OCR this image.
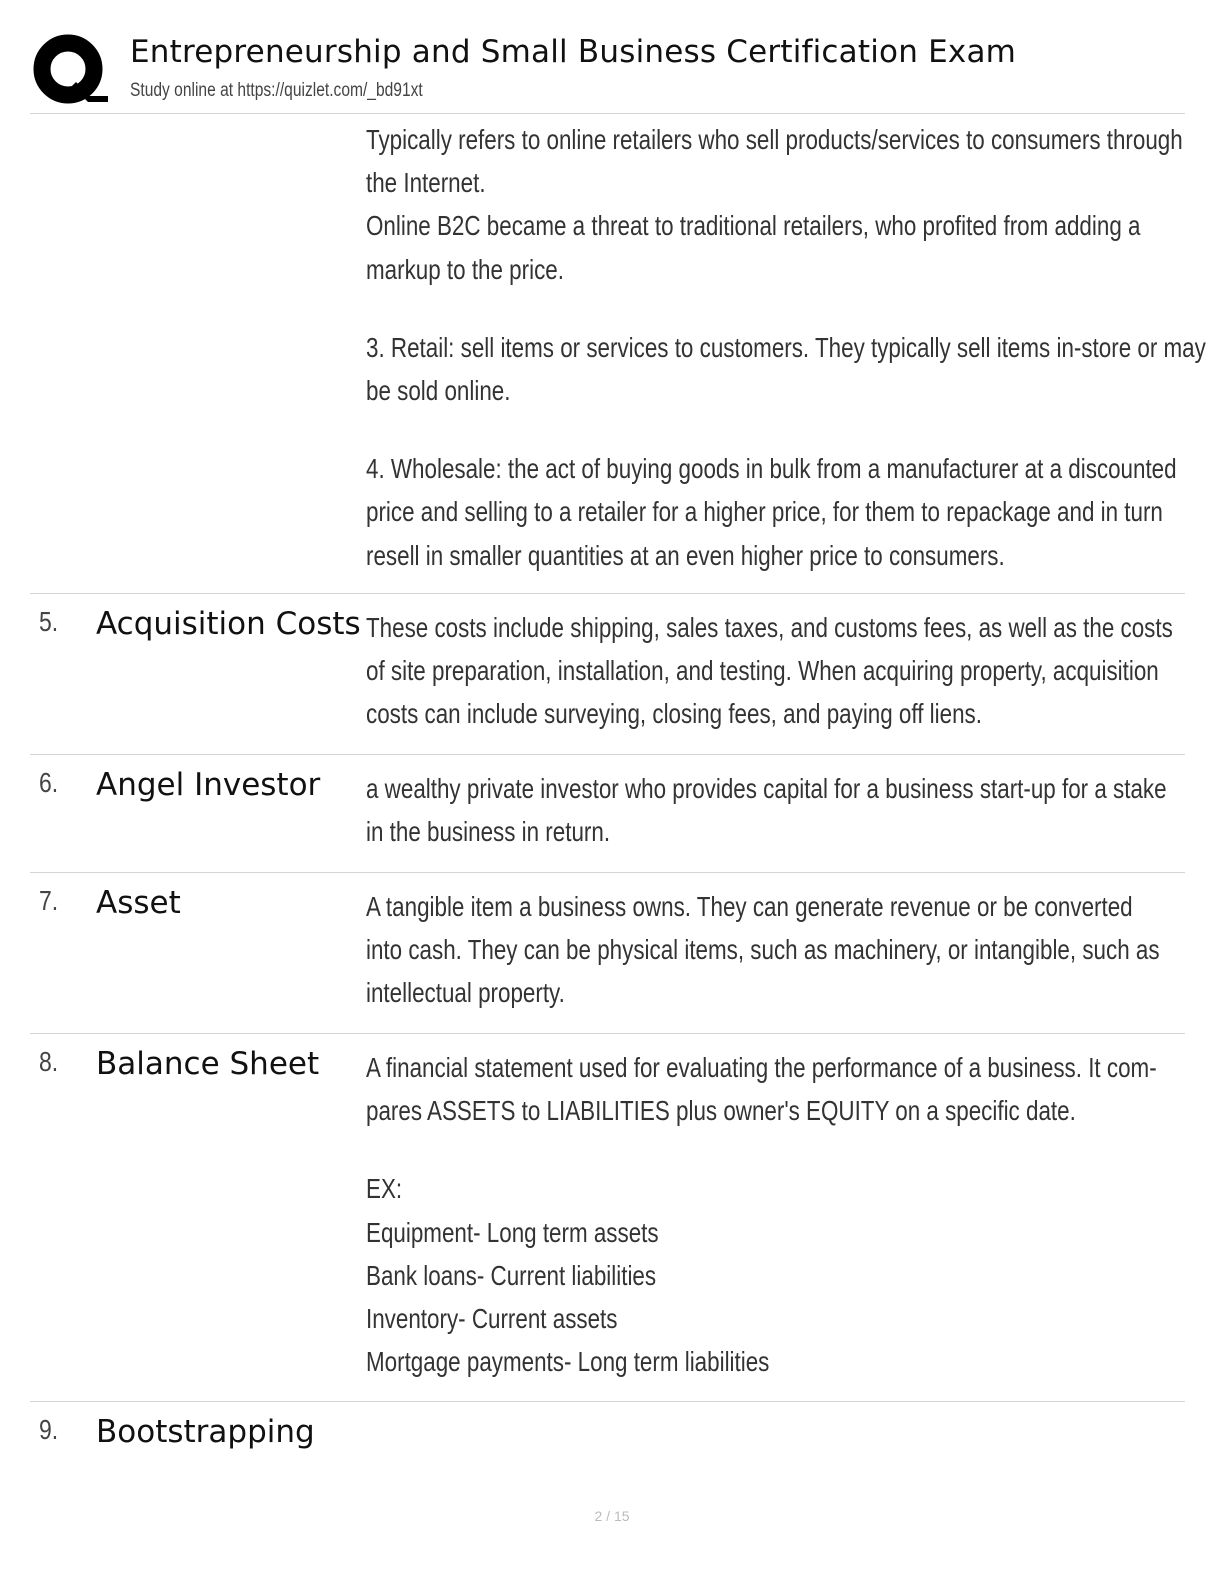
Entrepreneurship and Small Business Certification Exam
Study online at https://quizlet.com/_bd91xt

Typically refers to online retailers who sell products/services to consumers through
the Internet.
Online B2C became a threat to traditional retailers, who profited from adding a
markup to the price.

3. Retail: sell items or services to customers. They typically sell items in-store or may
be sold online.

4. Wholesale: the act of buying goods in bulk from a manufacturer at a discounted
price and selling to a retailer for a higher price, for them to repackage and in turn
resell in smaller quantities at an even higher price to consumers.

5. Acquisition Costs These costs include shipping, sales taxes, and customs fees, as well as the costs
of site preparation, installation, and testing. When acquiring property, acquisition
costs can include surveying, closing fees, and paying off liens.
6. Angel Investor a wealthy private investor who provides capital for a business start-up for a stake
in the business in return.
7. Asset	A tangible item a business owns. They can generate revenue or be converted
into cash. They can be physical items, such as machinery, or intangible, such as
intellectual property.
8. Balance Sheet A financial statement used for evaluating the performance of a business. It com-
pares ASSETS to LIABILITIES plus owner's EQUITY on a specific date.

EX:
Equipment- Long term assets
Bank loans- Current liabilities
Inventory- Current assets
Mortgage payments- Long term liabilities

9. Bootstrapping
2 / 15
